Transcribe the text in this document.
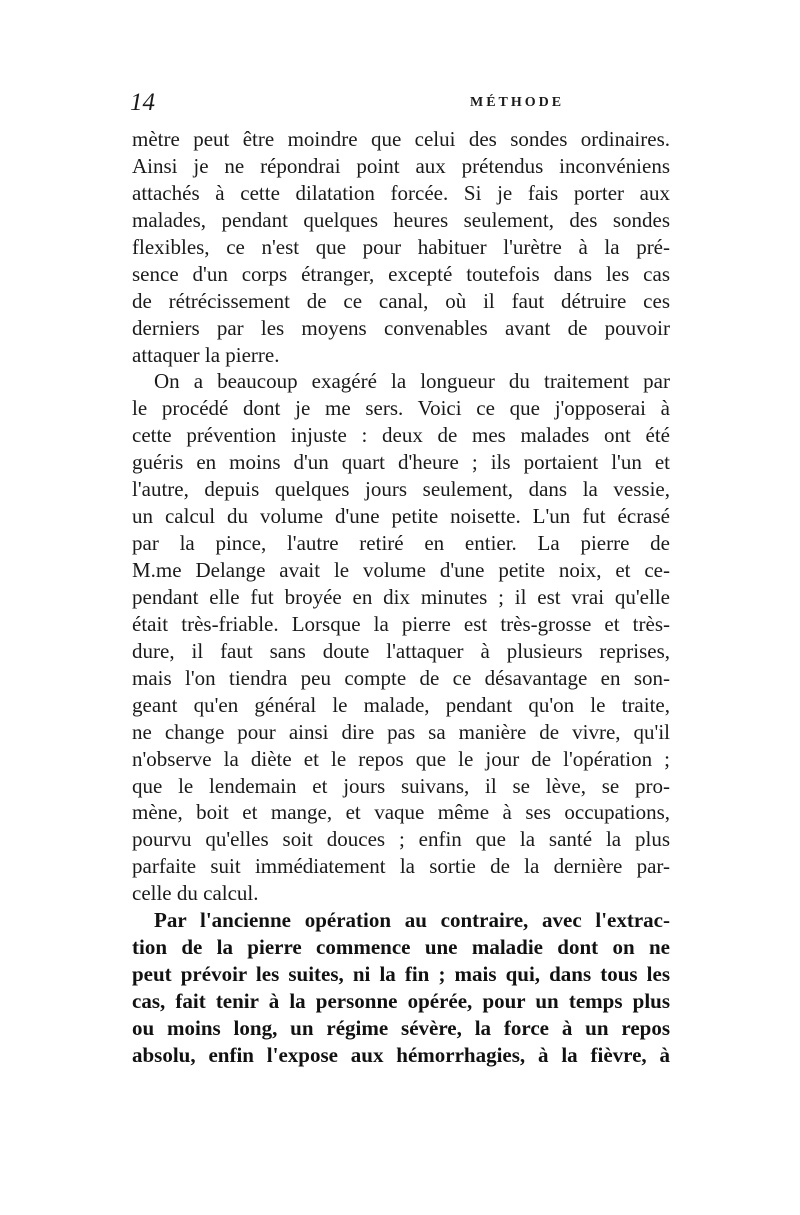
14	MÉTHODE
mètre peut être moindre que celui des sondes ordinaires.
Ainsi je ne répondrai point aux prétendus inconvéniens
attachés à cette dilatation forcée. Si je fais porter aux
malades, pendant quelques heures seulement, des sondes
flexibles, ce n'est que pour habituer l'urètre à la pré-
sence d'un corps étranger, excepté toutefois dans les cas
de rétrécissement de ce canal, où il faut détruire ces
derniers par les moyens convenables avant de pouvoir
attaquer la pierre.
On a beaucoup exagéré la longueur du traitement par
le procédé dont je me sers. Voici ce que j'opposerai à
cette prévention injuste : deux de mes malades ont été
guéris en moins d'un quart d'heure ; ils portaient l'un et
l'autre, depuis quelques jours seulement, dans la vessie,
un calcul du volume d'une petite noisette. L'un fut écrasé
par la pince, l'autre retiré en entier. La pierre de
M.me Delange avait le volume d'une petite noix, et ce-
pendant elle fut broyée en dix minutes ; il est vrai qu'elle
était très-friable. Lorsque la pierre est très-grosse et très-
dure, il faut sans doute l'attaquer à plusieurs reprises,
mais l'on tiendra peu compte de ce désavantage en son-
geant qu'en général le malade, pendant qu'on le traite,
ne change pour ainsi dire pas sa manière de vivre, qu'il
n'observe la diète et le repos que le jour de l'opération ;
que le lendemain et jours suivans, il se lève, se pro-
mène, boit et mange, et vaque même à ses occupations,
pourvu qu'elles soit douces ; enfin que la santé la plus
parfaite suit immédiatement la sortie de la dernière par-
celle du calcul.
Par l'ancienne opération au contraire, avec l'extrac-
tion de la pierre commence une maladie dont on ne
peut prévoir les suites, ni la fin ; mais qui, dans tous les
cas, fait tenir à la personne opérée, pour un temps plus
ou moins long, un régime sévère, la force à un repos
absolu, enfin l'expose aux hémorrhagies, à la fièvre, à
